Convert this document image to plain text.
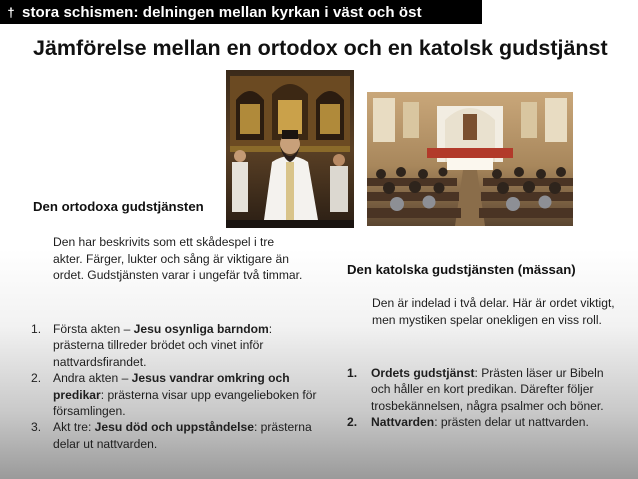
† stora schismen: delningen mellan kyrkan i väst och öst
Jämförelse mellan en ortodox och en katolsk gudstjänst
Den ortodoxa gudstjänsten
Den har beskrivits som ett skådespel i tre akter. Färger, lukter och sång är viktigare än ordet. Gudstjänsten varar i ungefär två timmar.
1. Första akten – Jesu osynliga barndom: prästerna tillreder brödet och vinet inför nattvardsfirandet.
2. Andra akten – Jesus vandrar omkring och predikar: prästerna visar upp evangelieboken för församlingen.
3. Akt tre: Jesu död och uppståndelse: prästerna delar ut nattvarden.
Den katolska gudstjänsten (mässan)
Den är indelad i två delar. Här är ordet viktigt, men mystiken spelar onekligen en viss roll.
1. Ordets gudstjänst: Prästen läser ur Bibeln och håller en kort predikan. Därefter följer trosbekännelsen, några psalmer och böner.
2. Nattvarden: prästen delar ut nattvarden.
